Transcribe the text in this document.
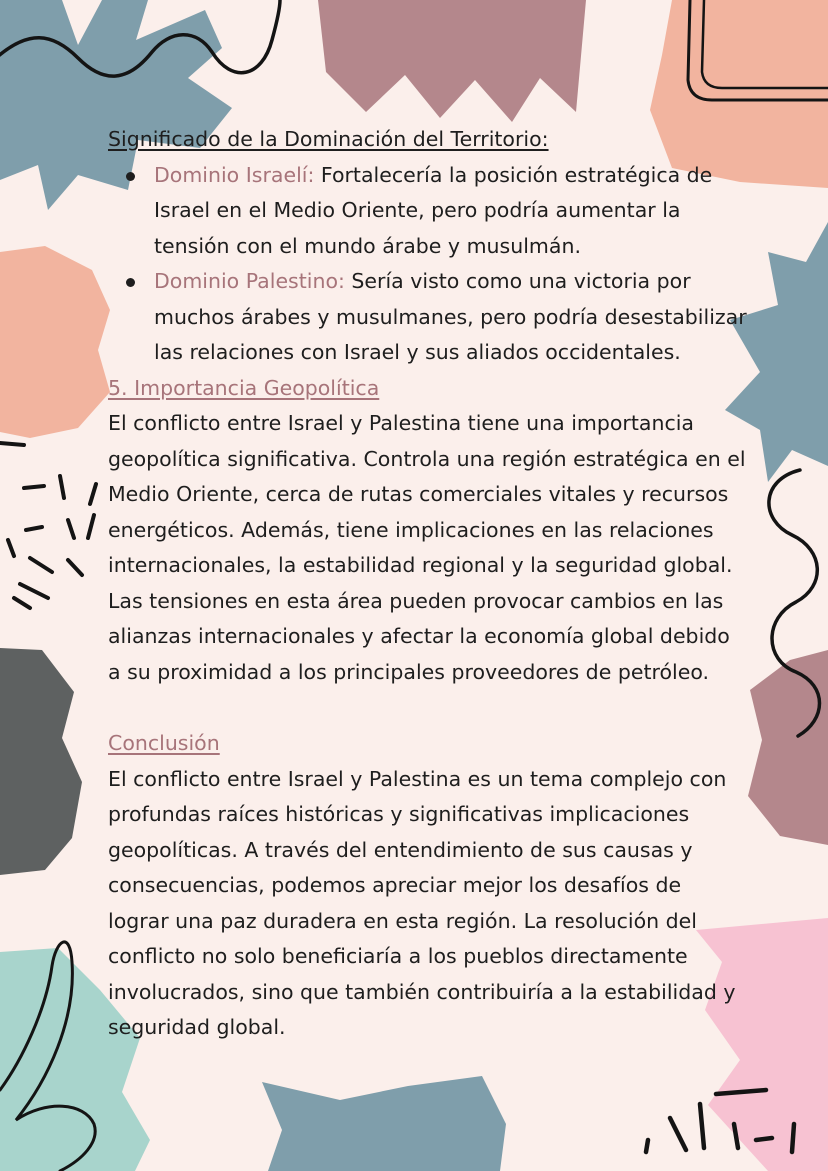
Significado de la Dominación del Territorio:

Dominio Israelí: Fortalecería la posición estratégica de Israel en el Medio Oriente, pero podría aumentar la tensión con el mundo árabe y musulmán.
Dominio Palestino: Sería visto como una victoria por muchos árabes y musulmanes, pero podría desestabilizar las relaciones con Israel y sus aliados occidentales.

5. Importancia Geopolítica

El conflicto entre Israel y Palestina tiene una importancia geopolítica significativa. Controla una región estratégica en el Medio Oriente, cerca de rutas comerciales vitales y recursos energéticos. Además, tiene implicaciones en las relaciones internacionales, la estabilidad regional y la seguridad global. Las tensiones en esta área pueden provocar cambios en las alianzas internacionales y afectar la economía global debido a su proximidad a los principales proveedores de petróleo.

Conclusión

El conflicto entre Israel y Palestina es un tema complejo con profundas raíces históricas y significativas implicaciones geopolíticas. A través del entendimiento de sus causas y consecuencias, podemos apreciar mejor los desafíos de lograr una paz duradera en esta región. La resolución del conflicto no solo beneficiaría a los pueblos directamente involucrados, sino que también contribuiría a la estabilidad y seguridad global.
